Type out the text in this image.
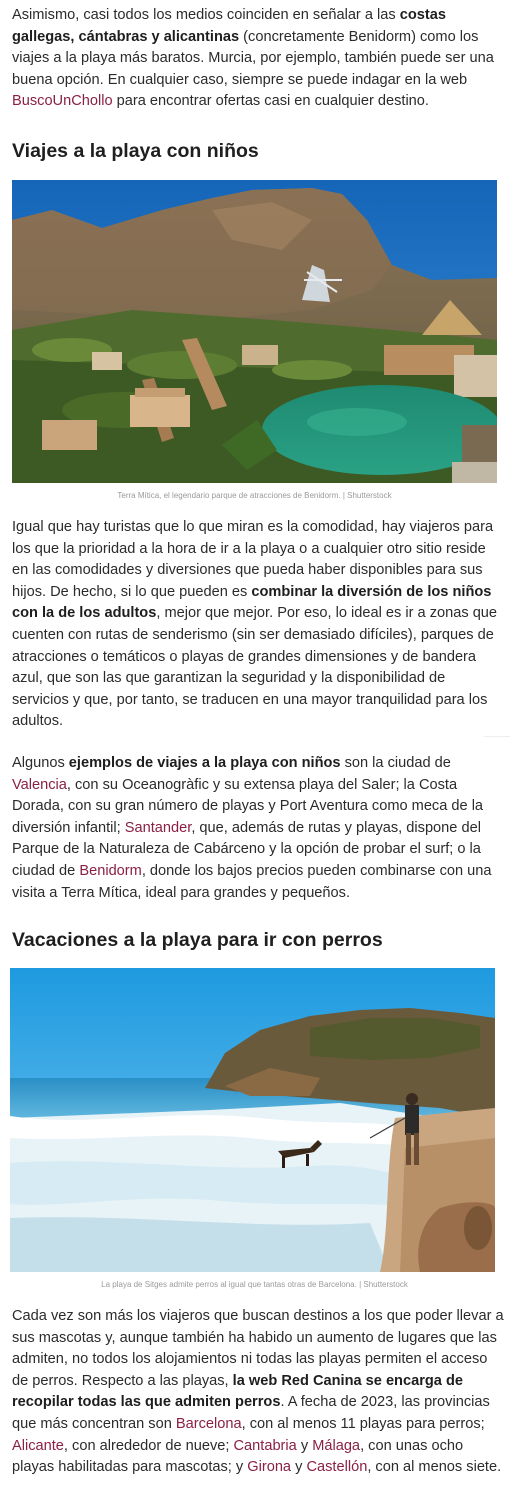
Asimismo, casi todos los medios coinciden en señalar a las costas gallegas, cántabras y alicantinas (concretamente Benidorm) como los viajes a la playa más baratos. Murcia, por ejemplo, también puede ser una buena opción. En cualquier caso, siempre se puede indagar en la web BuscoUnChollo para encontrar ofertas casi en cualquier destino.

Viajes a la playa con niños
Terra Mítica, el legendario parque de atracciones de Benidorm. | Shutterstock

Igual que hay turistas que lo que miran es la comodidad, hay viajeros para los que la prioridad a la hora de ir a la playa o a cualquier otro sitio reside en las comodidades y diversiones que pueda haber disponibles para sus hijos. De hecho, si lo que pueden es combinar la diversión de los niños con la de los adultos, mejor que mejor. Por eso, lo ideal es ir a zonas que cuenten con rutas de senderismo (sin ser demasiado difíciles), parques de atracciones o temáticos o playas de grandes dimensiones y de bandera azul, que son las que garantizan la seguridad y la disponibilidad de servicios y que, por tanto, se traducen en una mayor tranquilidad para los adultos.

Algunos ejemplos de viajes a la playa con niños son la ciudad de Valencia, con su Oceanogràfic y su extensa playa del Saler; la Costa Dorada, con su gran número de playas y Port Aventura como meca de la diversión infantil; Santander, que, además de rutas y playas, dispone del Parque de la Naturaleza de Cabárceno y la opción de probar el surf; o la ciudad de Benidorm, donde los bajos precios pueden combinarse con una visita a Terra Mítica, ideal para grandes y pequeños.

Vacaciones a la playa para ir con perros
La playa de Sitges admite perros al igual que tantas otras de Barcelona. | Shutterstock

Cada vez son más los viajeros que buscan destinos a los que poder llevar a sus mascotas y, aunque también ha habido un aumento de lugares que las admiten, no todos los alojamientos ni todas las playas permiten el acceso de perros. Respecto a las playas, la web Red Canina se encarga de recopilar todas las que admiten perros. A fecha de 2023, las provincias que más concentran son Barcelona, con al menos 11 playas para perros; Alicante, con alrededor de nueve; Cantabria y Málaga, con unas ocho playas habilitadas para mascotas; y Girona y Castellón, con al menos siete.
